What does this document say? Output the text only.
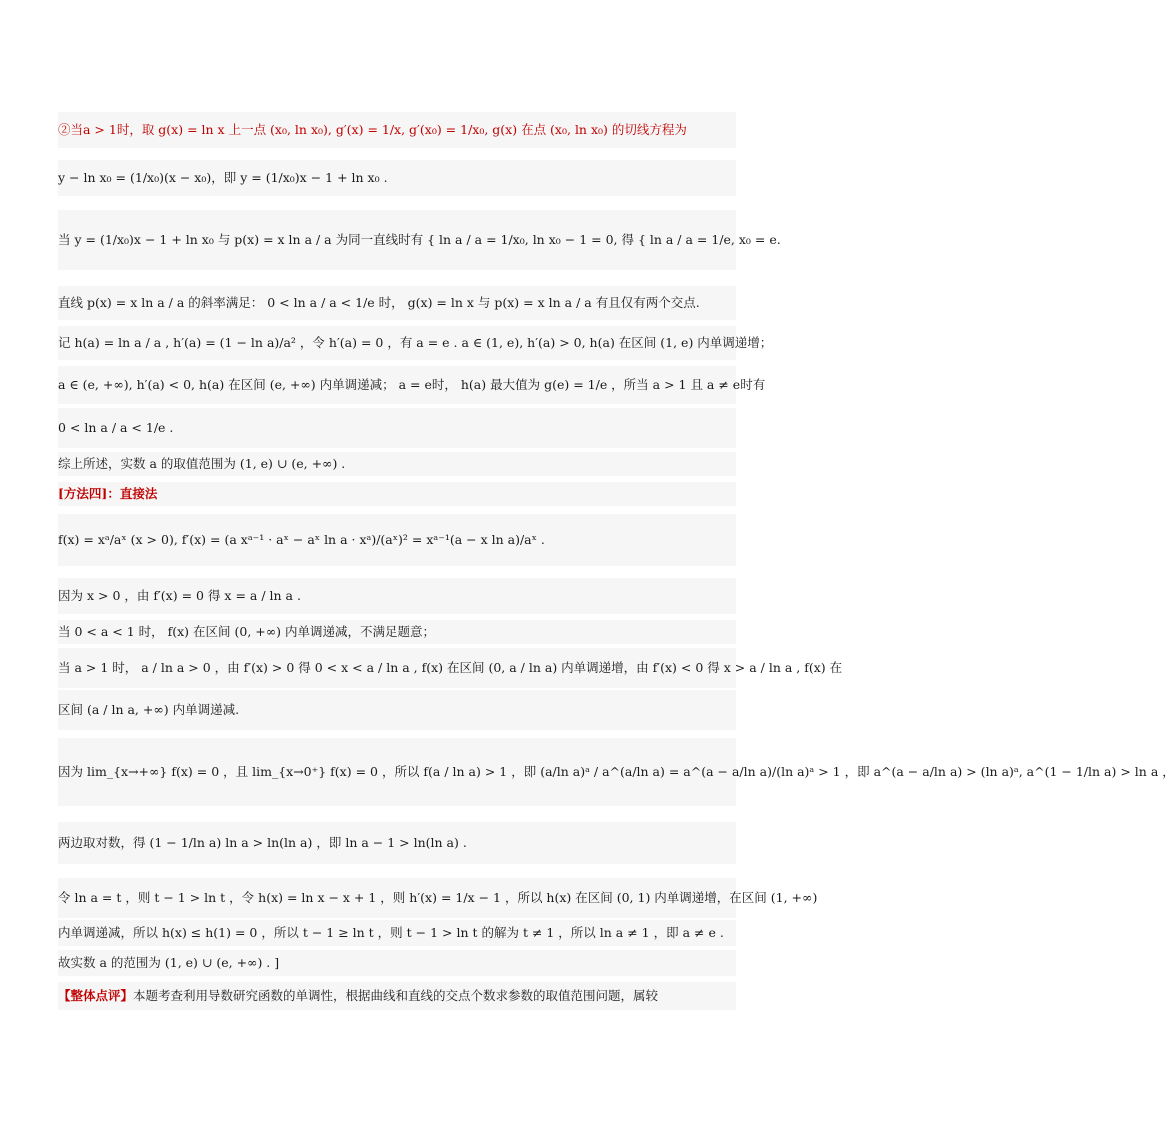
②当a > 1时，取 g(x) = ln x 上一点 (x₀, ln x₀), g′(x) = 1/x, g′(x₀) = 1/x₀, g(x) 在点 (x₀, ln x₀) 的切线方程为
y − ln x₀ = (1/x₀)(x − x₀)，即 y = (1/x₀)x − 1 + ln x₀ .
当 y = (1/x₀)x − 1 + ln x₀ 与 p(x) = x ln a / a 为同一直线时有 { ln a / a = 1/x₀, ln x₀ − 1 = 0, 得 { ln a / a = 1/e, x₀ = e.
直线 p(x) = x ln a / a 的斜率满足： 0 < ln a / a < 1/e 时， g(x) = ln x 与 p(x) = x ln a / a 有且仅有两个交点.
记 h(a) = ln a / a , h′(a) = (1 − ln a)/a² ，令 h′(a) = 0 ，有 a = e . a ∈ (1, e), h′(a) > 0, h(a) 在区间 (1, e) 内单调递增；
a ∈ (e, +∞), h′(a) < 0, h(a) 在区间 (e, +∞) 内单调递减； a = e时， h(a) 最大值为 g(e) = 1/e ，所当 a > 1 且 a ≠ e时有
0 < ln a / a < 1/e .
综上所述，实数 a 的取值范围为 (1, e) ∪ (e, +∞) .
[方法四]：直接法
f(x) = xᵃ/aˣ (x > 0), f′(x) = (a xᵃ⁻¹ · aˣ − aˣ ln a · xᵃ)/(aˣ)² = xᵃ⁻¹(a − x ln a)/aˣ .
因为 x > 0 ，由 f′(x) = 0 得 x = a / ln a .
当 0 < a < 1 时， f(x) 在区间 (0, +∞) 内单调递减，不满足题意；
当 a > 1 时， a / ln a > 0 ，由 f′(x) > 0 得 0 < x < a / ln a , f(x) 在区间 (0, a / ln a) 内单调递增，由 f′(x) < 0 得 x > a / ln a , f(x) 在
区间 (a / ln a, +∞) 内单调递减.
因为 lim_{x→+∞} f(x) = 0 ，且 lim_{x→0⁺} f(x) = 0 ，所以 f(a / ln a) > 1 ，即 (a/ln a)ᵃ / a^(a/ln a) = a^(a − a/ln a)/(ln a)ᵃ > 1 ，即 a^(a − a/ln a) > (ln a)ᵃ, a^(1 − 1/ln a) > ln a ，
两边取对数，得 (1 − 1/ln a) ln a > ln(ln a) ，即 ln a − 1 > ln(ln a) .
令 ln a = t ，则 t − 1 > ln t ，令 h(x) = ln x − x + 1 ，则 h′(x) = 1/x − 1 ，所以 h(x) 在区间 (0, 1) 内单调递增，在区间 (1, +∞)
内单调递减，所以 h(x) ≤ h(1) = 0 ，所以 t − 1 ≥ ln t ，则 t − 1 > ln t 的解为 t ≠ 1 ，所以 ln a ≠ 1 ，即 a ≠ e .
故实数 a 的范围为 (1, e) ∪ (e, +∞) . ]
【整体点评】本题考查利用导数研究函数的单调性，根据曲线和直线的交点个数求参数的取值范围问题，属较
